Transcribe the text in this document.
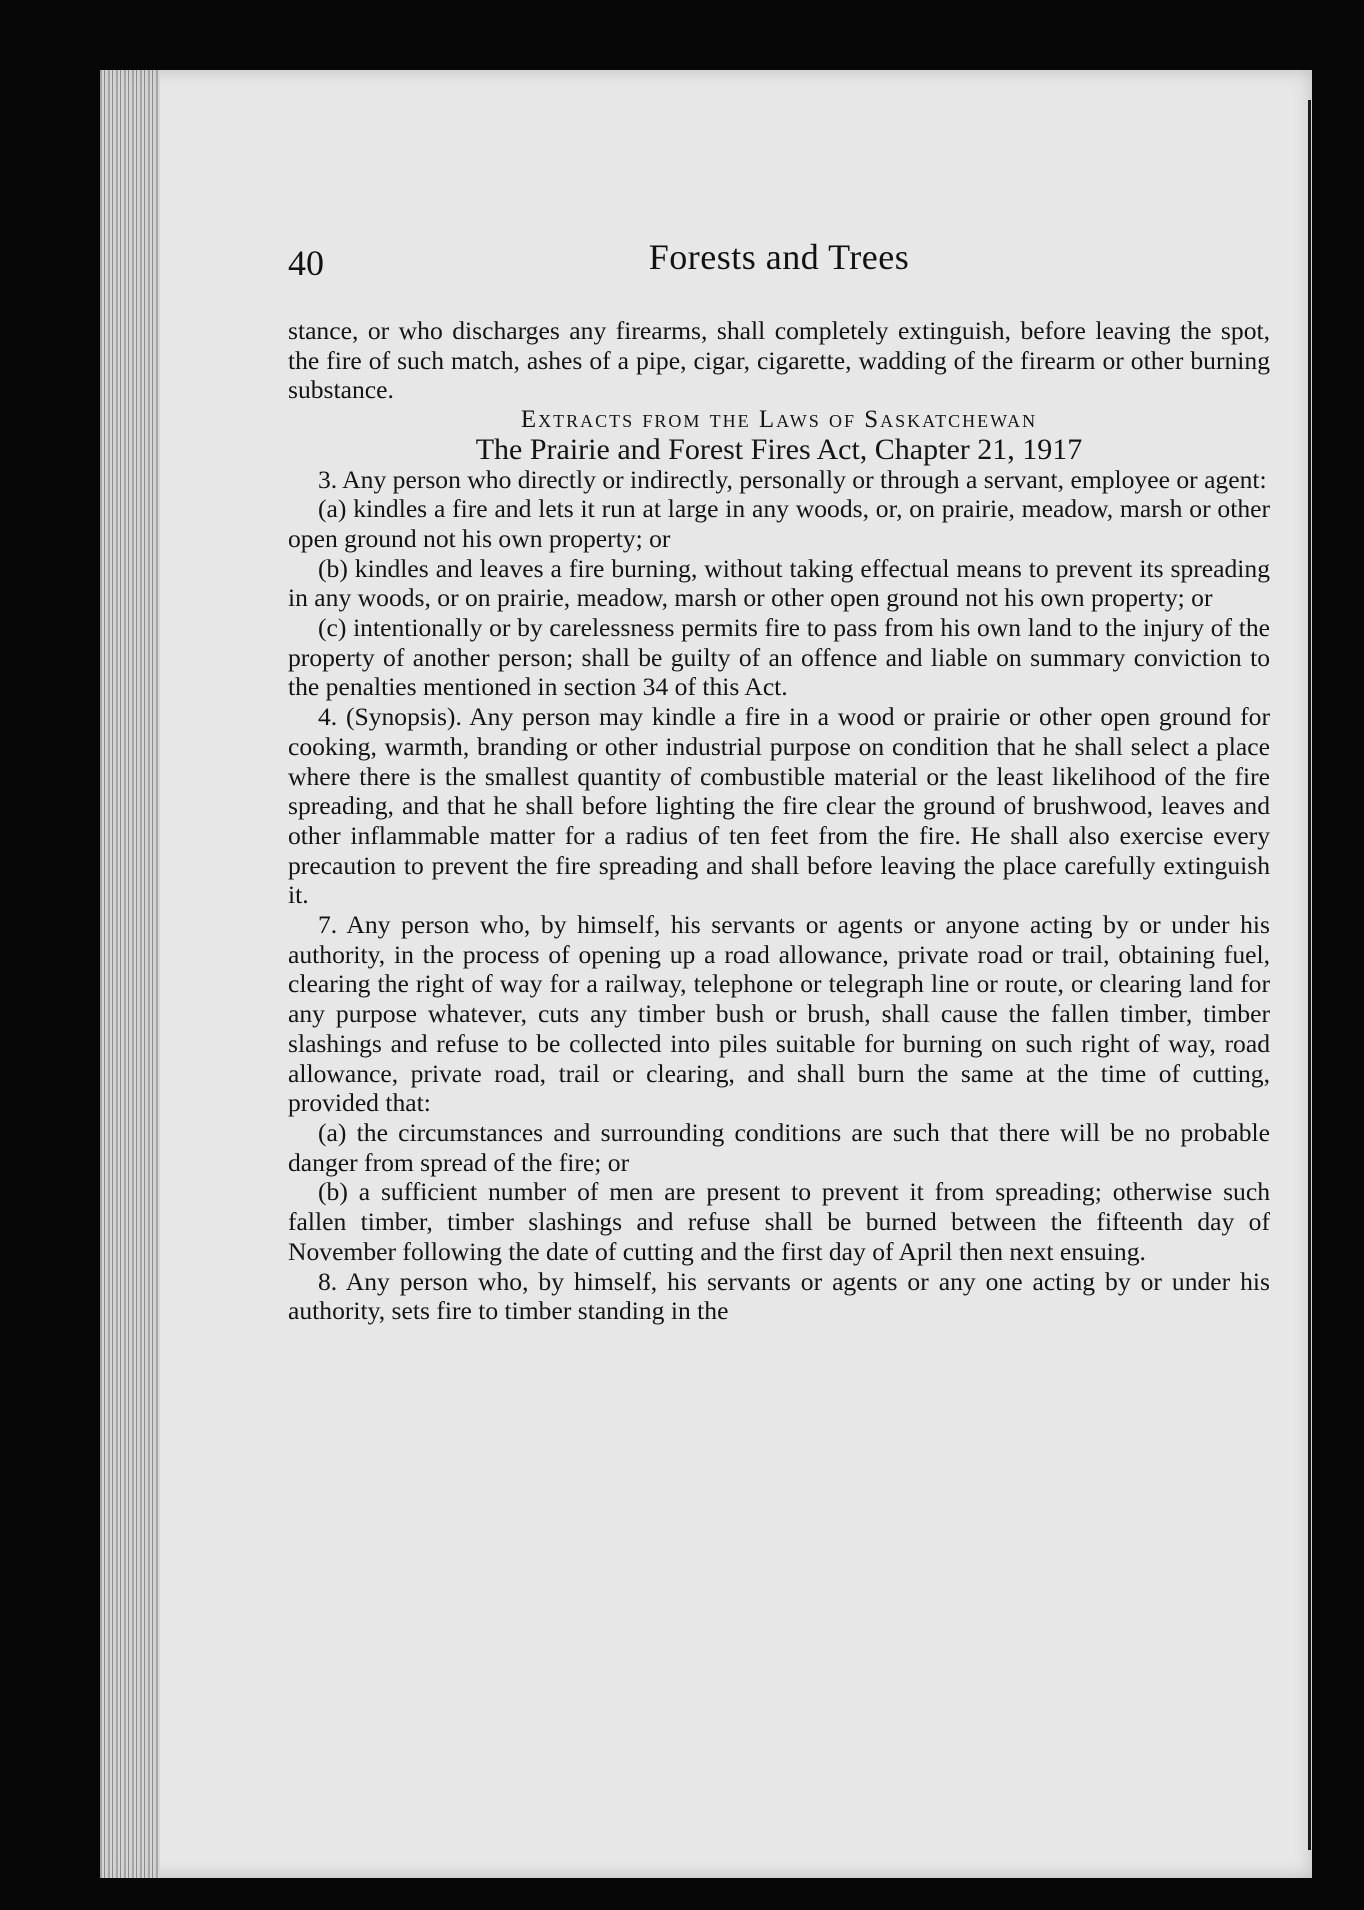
40	Forests and Trees

stance, or who discharges any firearms, shall completely extinguish, before leaving the spot, the fire of such match, ashes of a pipe, cigar, cigarette, wadding of the firearm or other burning substance.

Extracts from the Laws of Saskatchewan

The Prairie and Forest Fires Act, Chapter 21, 1917

3. Any person who directly or indirectly, personally or through a servant, employee or agent:

(a) kindles a fire and lets it run at large in any woods, or, on prairie, meadow, marsh or other open ground not his own property; or

(b) kindles and leaves a fire burning, without taking effectual means to prevent its spreading in any woods, or on prairie, meadow, marsh or other open ground not his own property; or

(c) intentionally or by carelessness permits fire to pass from his own land to the injury of the property of another person; shall be guilty of an offence and liable on summary conviction to the penalties mentioned in section 34 of this Act.

4. (Synopsis). Any person may kindle a fire in a wood or prairie or other open ground for cooking, warmth, branding or other industrial purpose on condition that he shall select a place where there is the smallest quantity of combustible material or the least likelihood of the fire spreading, and that he shall before lighting the fire clear the ground of brushwood, leaves and other inflammable matter for a radius of ten feet from the fire. He shall also exercise every precaution to prevent the fire spreading and shall before leaving the place carefully extinguish it.

7. Any person who, by himself, his servants or agents or anyone acting by or under his authority, in the process of opening up a road allowance, private road or trail, obtaining fuel, clearing the right of way for a railway, telephone or telegraph line or route, or clearing land for any purpose whatever, cuts any timber bush or brush, shall cause the fallen timber, timber slashings and refuse to be collected into piles suitable for burning on such right of way, road allowance, private road, trail or clearing, and shall burn the same at the time of cutting, provided that:

(a) the circumstances and surrounding conditions are such that there will be no probable danger from spread of the fire; or

(b) a sufficient number of men are present to prevent it from spreading; otherwise such fallen timber, timber slashings and refuse shall be burned between the fifteenth day of November following the date of cutting and the first day of April then next ensuing.

8. Any person who, by himself, his servants or agents or any one acting by or under his authority, sets fire to timber standing in the
